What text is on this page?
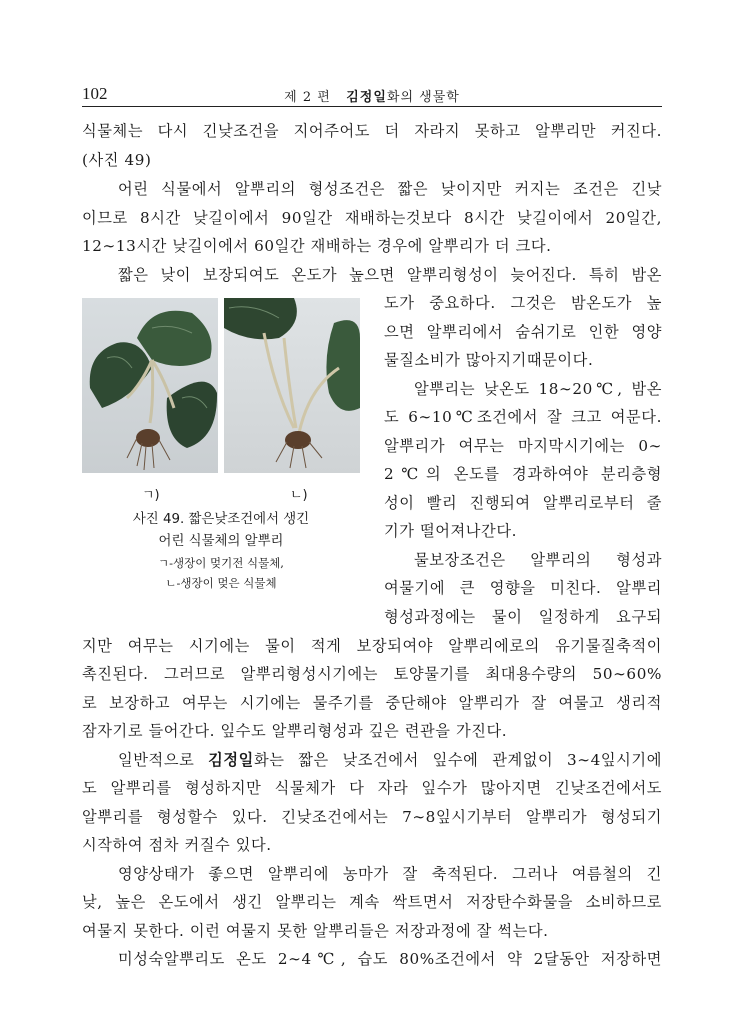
102	제 2 편 김정일화의 생물학
식물체는 다시 긴낮조건을 지어주어도 더 자라지 못하고 알뿌리만 커진다.
(사진 49)
어린 식물에서 알뿌리의 형성조건은 짧은 낮이지만 커지는 조건은 긴낮
이므로 8시간 낮길이에서 90일간 재배하는것보다 8시간 낮길이에서 20일간,
12∼13시간 낮길이에서 60일간 재배하는 경우에 알뿌리가 더 크다.
짧은 낮이 보장되여도 온도가 높으면 알뿌리형성이 늦어진다. 특히 밤온
도가 중요하다. 그것은 밤온도가 높
으면 알뿌리에서 숨쉬기로 인한 영양
물질소비가 많아지기때문이다.
알뿌리는 낮온도 18∼20℃, 밤온
도 6∼10℃조건에서 잘 크고 여문다.
알뿌리가 여무는 마지막시기에는 0∼
2℃의 온도를 경과하여야 분리층형
성이 빨리 진행되여 알뿌리로부터 줄
기가 떨어져나간다.
물보장조건은 알뿌리의 형성과
여물기에 큰 영향을 미친다. 알뿌리
형성과정에는 물이 일정하게 요구되
ㄱ)	ㄴ)
사진 49. 짧은낮조건에서 생긴
어린 식물체의 알뿌리
ㄱ-생장이 멎기전 식물체,
ㄴ-생장이 멎은 식물체
지만 여무는 시기에는 물이 적게 보장되여야 알뿌리에로의 유기물질축적이
촉진된다. 그러므로 알뿌리형성시기에는 토양물기를 최대용수량의 50∼60%
로 보장하고 여무는 시기에는 물주기를 중단해야 알뿌리가 잘 여물고 생리적
잠자기로 들어간다. 잎수도 알뿌리형성과 깊은 련관을 가진다.
일반적으로 김정일화는 짧은 낮조건에서 잎수에 관계없이 3∼4잎시기에
도 알뿌리를 형성하지만 식물체가 다 자라 잎수가 많아지면 긴낮조건에서도
알뿌리를 형성할수 있다. 긴낮조건에서는 7∼8잎시기부터 알뿌리가 형성되기
시작하여 점차 커질수 있다.
영양상태가 좋으면 알뿌리에 농마가 잘 축적된다. 그러나 여름철의 긴
낮, 높은 온도에서 생긴 알뿌리는 계속 싹트면서 저장탄수화물을 소비하므로
여물지 못한다. 이런 여물지 못한 알뿌리들은 저장과정에 잘 썩는다.
미성숙알뿌리도 온도 2∼4℃, 습도 80%조건에서 약 2달동안 저장하면
